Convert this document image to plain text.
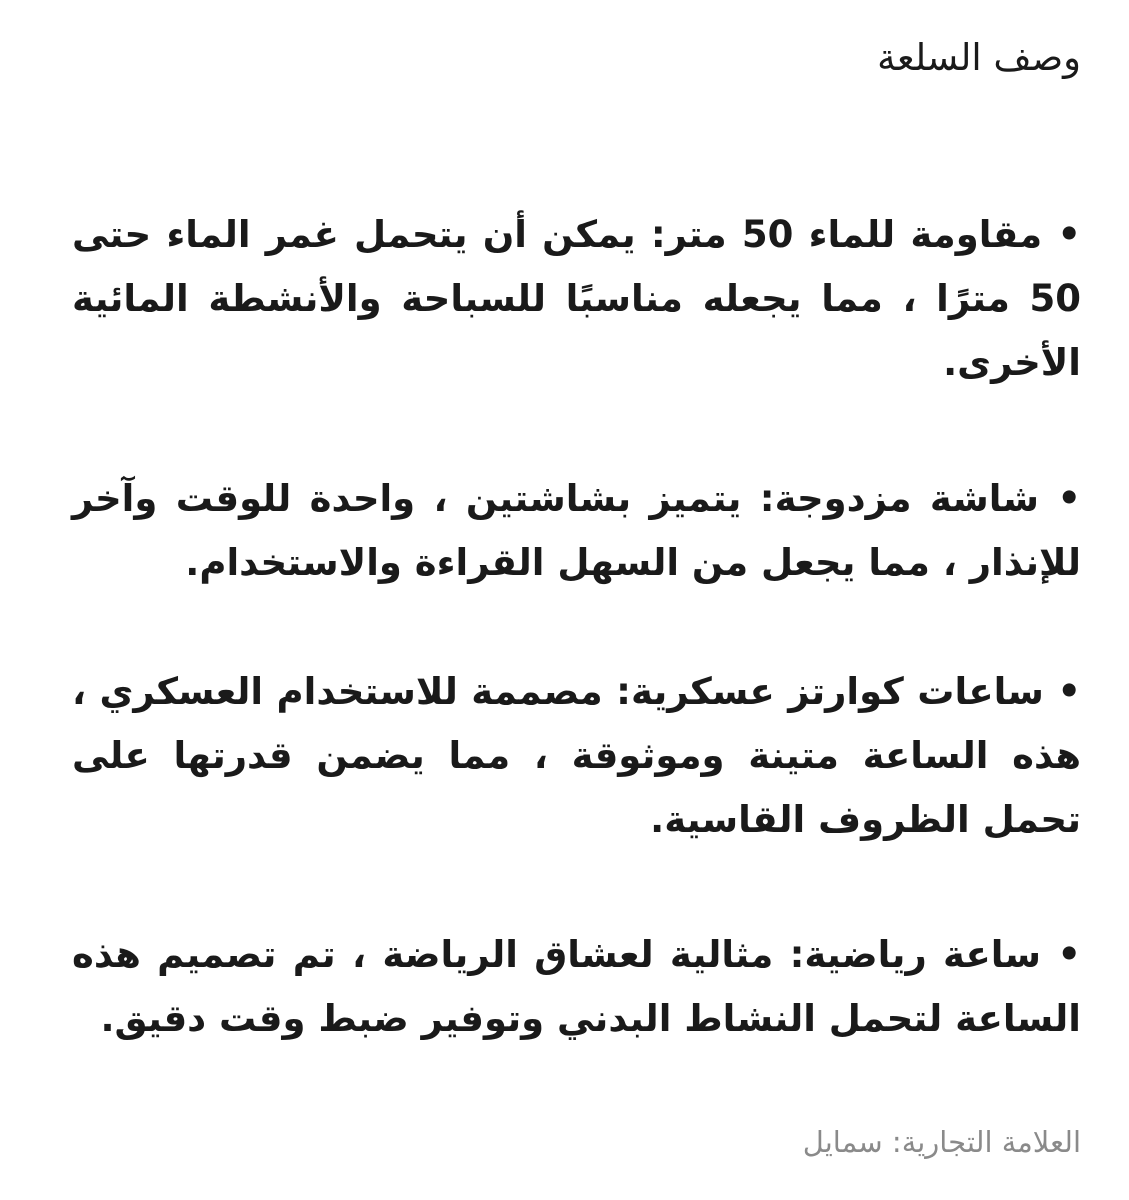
وصف السلعة

• مقاومة للماء 50 متر: يمكن أن يتحمل غمر الماء حتى 50 مترًا ، مما يجعله مناسبًا للسباحة والأنشطة المائية الأخرى.

• شاشة مزدوجة: يتميز بشاشتين ، واحدة للوقت وآخر للإنذار ، مما يجعل من السهل القراءة والاستخدام.

• ساعات كوارتز عسكرية: مصممة للاستخدام العسكري ، هذه الساعة متينة وموثوقة ، مما يضمن قدرتها على تحمل الظروف القاسية.

• ساعة رياضية: مثالية لعشاق الرياضة ، تم تصميم هذه الساعة لتحمل النشاط البدني وتوفير ضبط وقت دقيق.

العلامة التجارية: سمايل
